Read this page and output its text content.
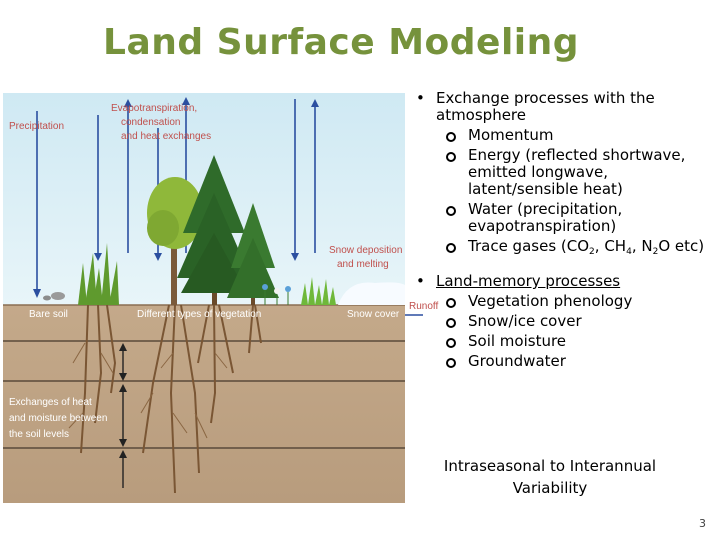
Land Surface Modeling
Precipitation
Evapotranspiration,
condensation
and heat exchanges
Snow deposition
and melting
Runoff
Bare soil	Different types of vegetation	Snow cover
Exchanges of heat
and moisture between
the soil levels
• Exchange processes with the atmosphere
Momentum
Energy (reflected shortwave, emitted longwave, latent/sensible heat)
Water (precipitation, evapotranspiration)
Trace gases ($CO_2$, $CH_4$, $N_2O$ etc)
• Land-memory processes
Vegetation phenology
Snow/ice cover
Soil moisture
Groundwater
Intraseasonal to Interannual
Variability
3
